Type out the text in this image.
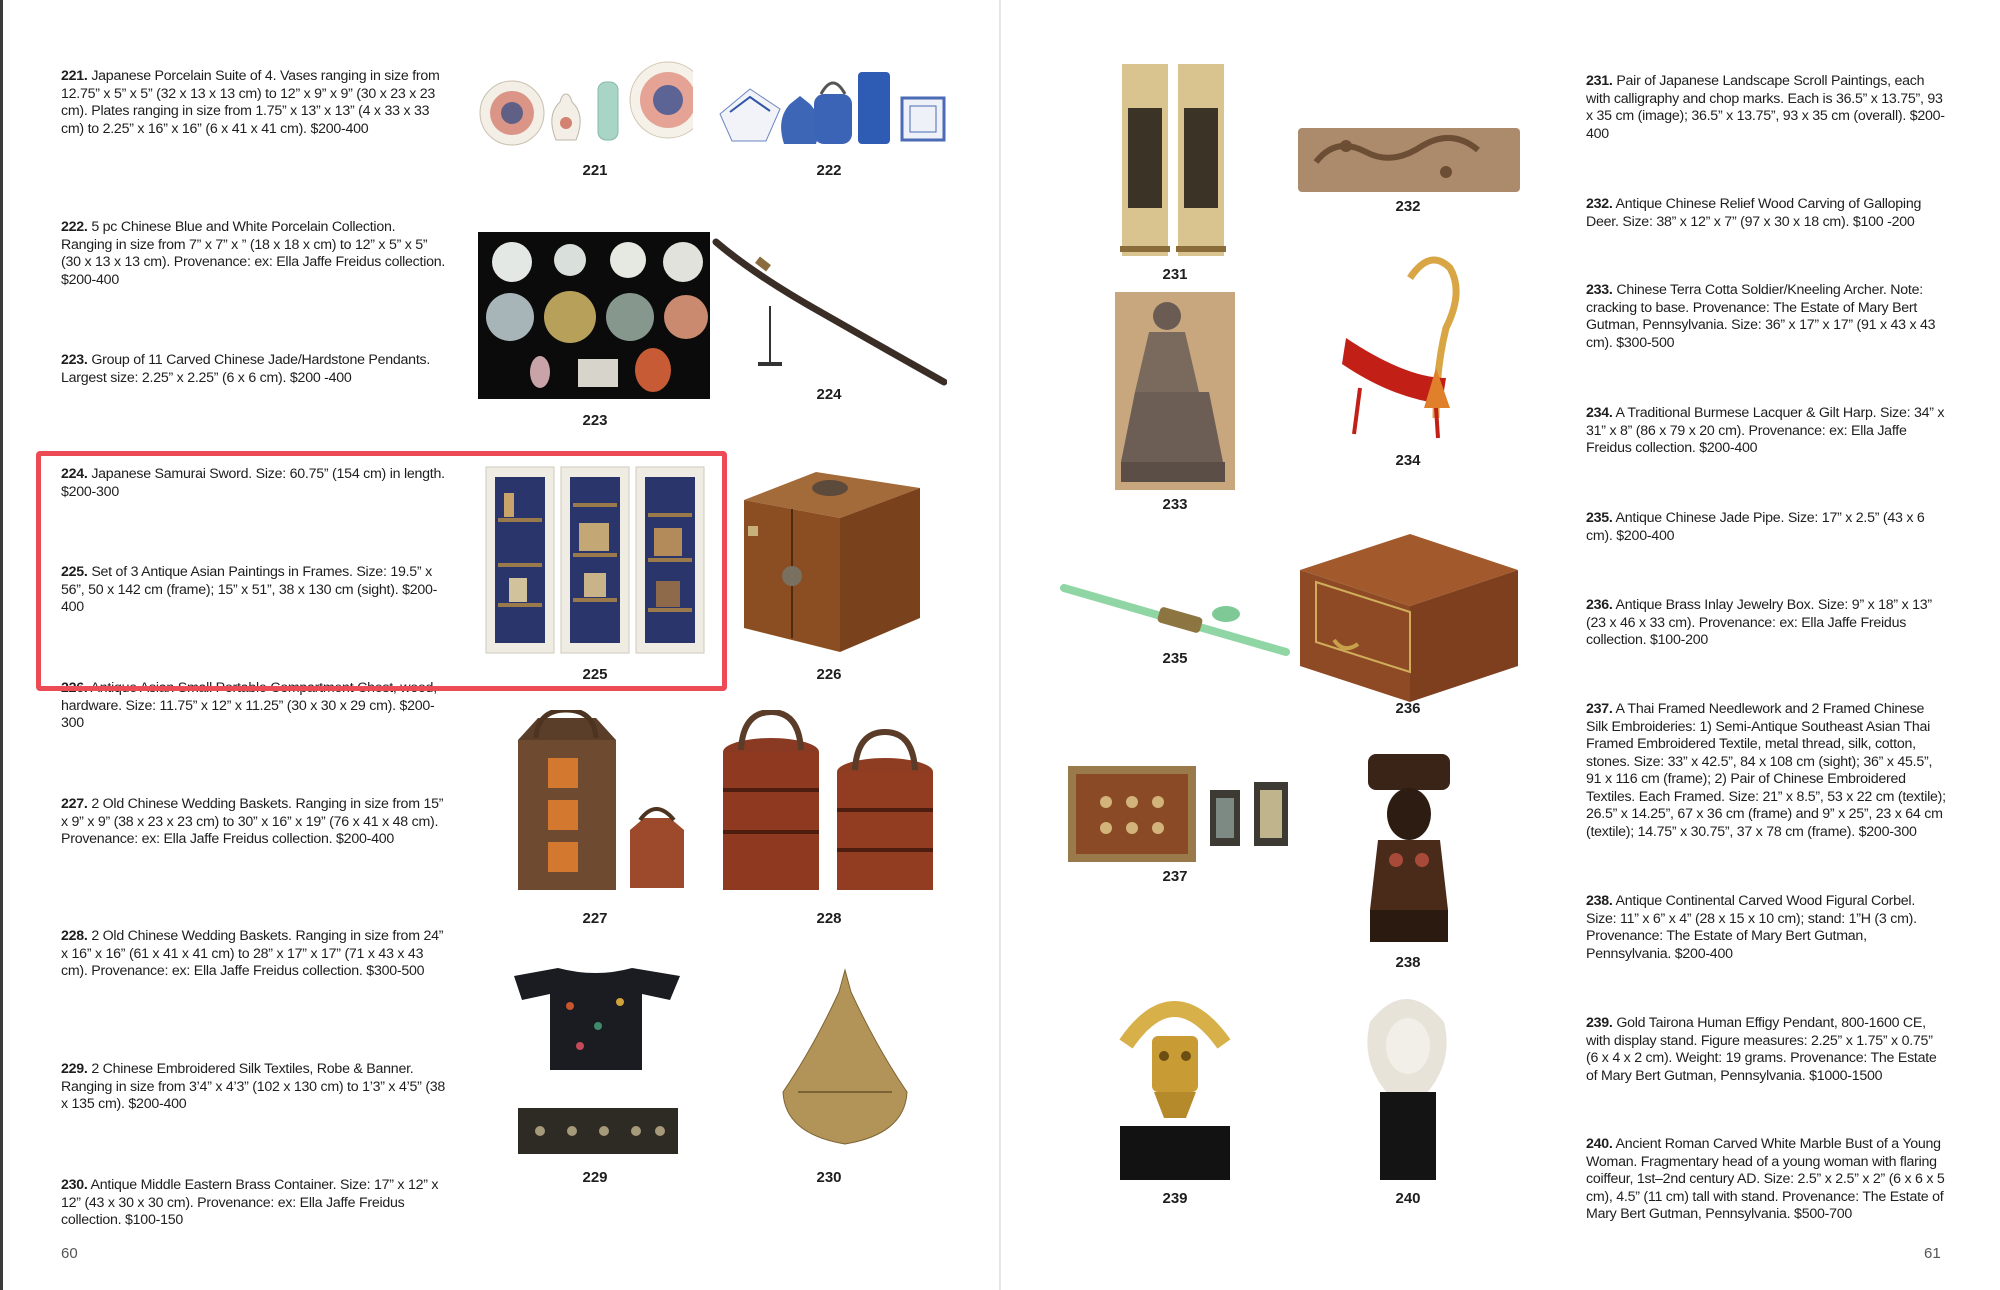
221. Japanese Porcelain Suite of 4. Vases ranging in size from 12.75” x 5” x 5” (32 x 13 x 13 cm) to 12” x 9” x 9” (30 x 23 x 23 cm). Plates ranging in size from 1.75” x 13” x 13” (4 x 33 x 33 cm) to 2.25” x 16” x 16” (6 x 41 x 41 cm). $200-400
222. 5 pc Chinese Blue and White Porcelain Collection. Ranging in size from 7” x 7” x ” (18 x 18 x cm) to 12” x 5” x 5” (30 x 13 x 13 cm). Provenance: ex: Ella Jaffe Freidus collection. $200-400
223. Group of 11 Carved Chinese Jade/Hardstone Pendants. Largest size: 2.25” x 2.25” (6 x 6 cm). $200 -400
224. Japanese Samurai Sword. Size: 60.75” (154 cm) in length. $200-300
225. Set of 3 Antique Asian Paintings in Frames. Size: 19.5” x 56”, 50 x 142 cm (frame); 15” x 51”, 38 x 130 cm (sight). $200-400
226. Antique Asian Small Portable Compartment Chest, wood, hardware. Size: 11.75” x 12” x 11.25” (30 x 30 x 29 cm). $200-300
227. 2 Old Chinese Wedding Baskets. Ranging in size from 15” x 9” x 9” (38 x 23 x 23 cm) to 30” x 16” x 19” (76 x 41 x 48 cm). Provenance: ex: Ella Jaffe Freidus collection. $200-400
228. 2 Old Chinese Wedding Baskets. Ranging in size from 24” x 16” x 16” (61 x 41 x 41 cm) to 28” x 17” x 17” (71 x 43 x 43 cm). Provenance: ex: Ella Jaffe Freidus collection. $300-500
229. 2 Chinese Embroidered Silk Textiles, Robe & Banner. Ranging in size from 3’4” x 4’3” (102 x 130 cm) to 1’3” x 4’5” (38 x 135 cm). $200-400
230. Antique Middle Eastern Brass Container. Size: 17” x 12” x 12” (43 x 30 x 30 cm). Provenance: ex: Ella Jaffe Freidus collection. $100-150
60
231. Pair of Japanese Landscape Scroll Paintings, each with calligraphy and chop marks. Each is 36.5” x 13.75”, 93 x 35 cm (image); 36.5” x 13.75”, 93 x 35 cm (overall). $200-400
232. Antique Chinese Relief Wood Carving of Galloping Deer. Size: 38” x 12” x 7” (97 x 30 x 18 cm). $100 -200
233. Chinese Terra Cotta Soldier/Kneeling Archer. Note: cracking to base. Provenance: The Estate of Mary Bert Gutman, Pennsylvania. Size: 36” x 17” x 17” (91 x 43 x 43 cm). $300-500
234. A Traditional Burmese Lacquer & Gilt Harp. Size: 34” x 31” x 8” (86 x 79 x 20 cm). Provenance: ex: Ella Jaffe Freidus collection. $200-400
235. Antique Chinese Jade Pipe. Size: 17” x 2.5” (43 x 6 cm). $200-400
236. Antique Brass Inlay Jewelry Box. Size: 9” x 18” x 13” (23 x 46 x 33 cm). Provenance: ex: Ella Jaffe Freidus collection. $100-200
237. A Thai Framed Needlework and 2 Framed Chinese Silk Embroideries: 1) Semi-Antique Southeast Asian Thai Framed Embroidered Textile, metal thread, silk, cotton, stones. Size: 33” x 42.5”, 84 x 108 cm (sight); 36” x 45.5”, 91 x 116 cm (frame); 2) Pair of Chinese Embroidered Textiles. Each Framed. Size: 21” x 8.5”, 53 x 22 cm (textile); 26.5” x 14.25”, 67 x 36 cm (frame) and 9” x 25”, 23 x 64 cm (textile); 14.75” x 30.75”, 37 x 78 cm (frame). $200-300
238. Antique Continental Carved Wood Figural Corbel. Size: 11” x 6” x 4” (28 x 15 x 10 cm); stand: 1”H (3 cm). Provenance: The Estate of Mary Bert Gutman, Pennsylvania. $200-400
239. Gold Tairona Human Effigy Pendant, 800-1600 CE, with display stand. Figure measures: 2.25” x 1.75” x 0.75” (6 x 4 x 2 cm). Weight: 19 grams. Provenance: The Estate of Mary Bert Gutman, Pennsylvania. $1000-1500
240. Ancient Roman Carved White Marble Bust of a Young Woman. Fragmentary head of a young woman with flaring coiffeur, 1st–2nd century AD. Size: 2.5” x 2.5” x 2” (6 x 6 x 5 cm), 4.5” (11 cm) tall with stand. Provenance: The Estate of Mary Bert Gutman, Pennsylvania. $500-700
61
221	222
223
224
225	226
227	228
229	230
231
232
233
234
235
236
237
238
239	240
